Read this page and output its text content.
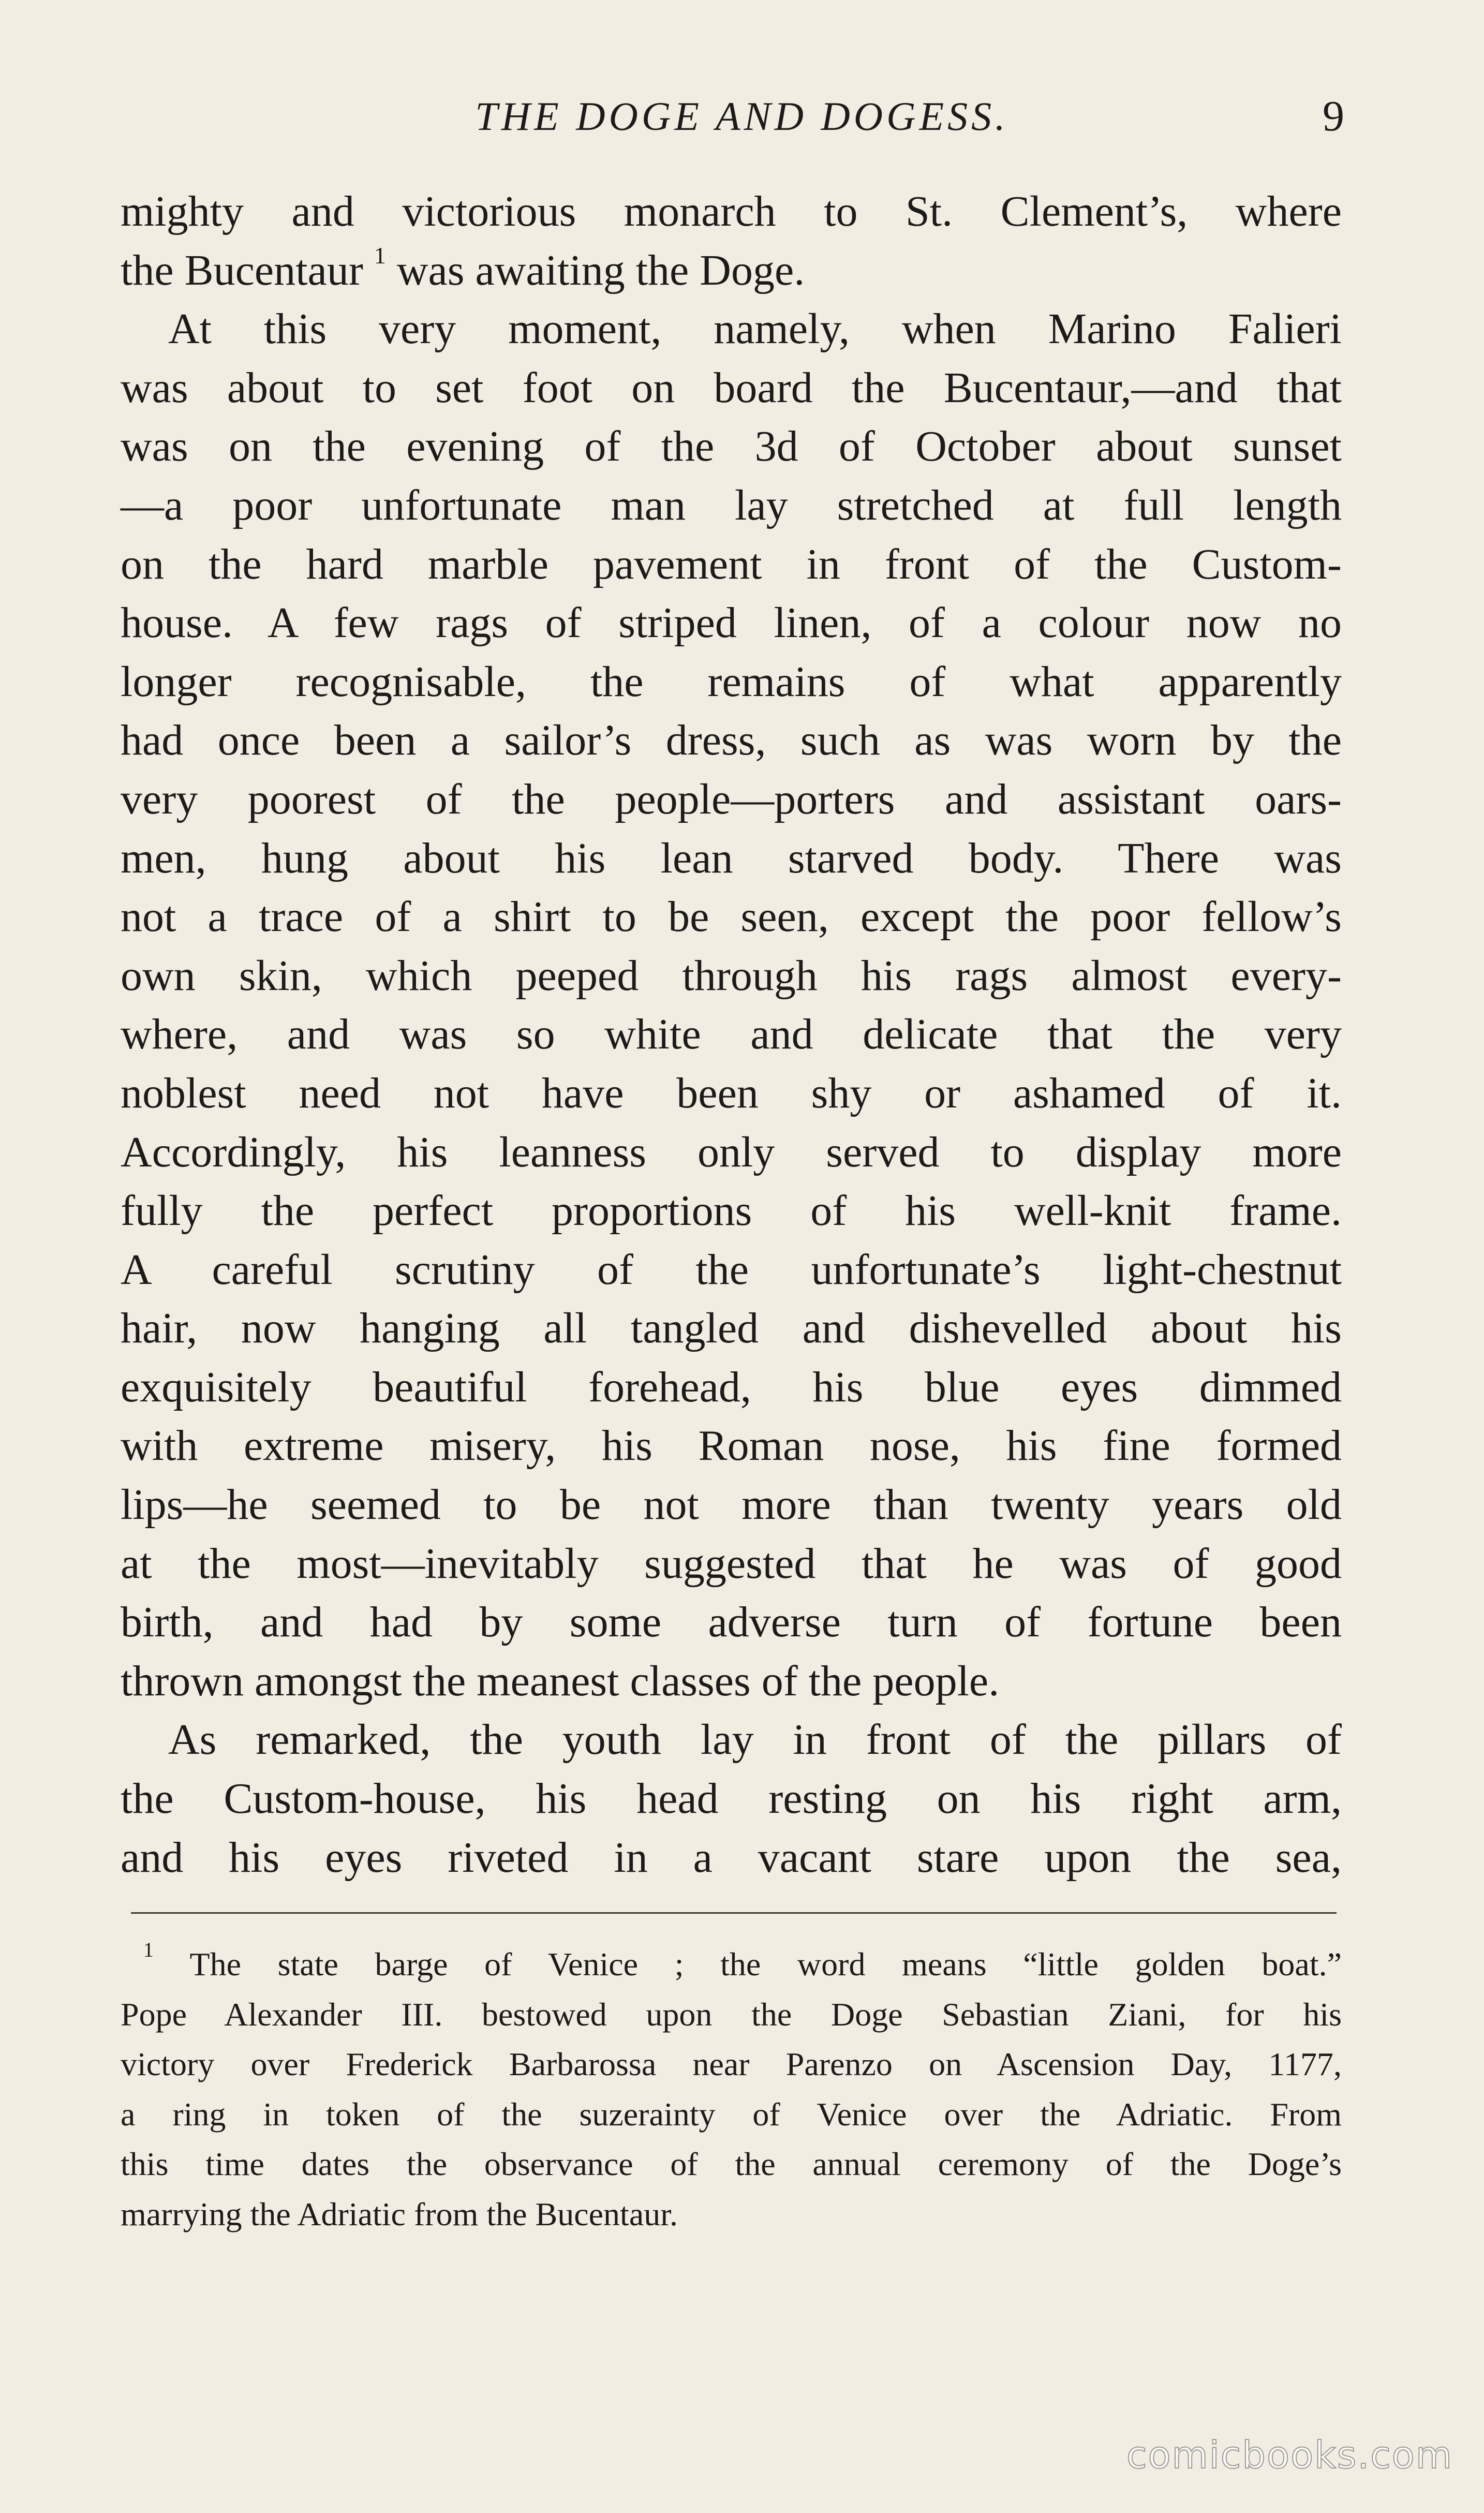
THE DOGE AND DOGESS.	9
mighty and victorious monarch to St. Clement’s, where
the Bucentaur $^1$ was awaiting the Doge.
At this very moment, namely, when Marino Falieri
was about to set foot on board the Bucentaur,—and that
was on the evening of the 3d of October about sunset
—a poor unfortunate man lay stretched at full length
on the hard marble pavement in front of the Custom-
house. A few rags of striped linen, of a colour now no
longer recognisable, the remains of what apparently
had once been a sailor’s dress, such as was worn by the
very poorest of the people—porters and assistant oars-
men, hung about his lean starved body. There was
not a trace of a shirt to be seen, except the poor fellow’s
own skin, which peeped through his rags almost every-
where, and was so white and delicate that the very
noblest need not have been shy or ashamed of it.
Accordingly, his leanness only served to display more
fully the perfect proportions of his well-knit frame.
A careful scrutiny of the unfortunate’s light-chestnut
hair, now hanging all tangled and dishevelled about his
exquisitely beautiful forehead, his blue eyes dimmed
with extreme misery, his Roman nose, his fine formed
lips—he seemed to be not more than twenty years old
at the most—inevitably suggested that he was of good
birth, and had by some adverse turn of fortune been
thrown amongst the meanest classes of the people.
As remarked, the youth lay in front of the pillars of
the Custom-house, his head resting on his right arm,
and his eyes riveted in a vacant stare upon the sea,
$^1$ The state barge of Venice ; the word means “little golden boat.”
Pope Alexander III. bestowed upon the Doge Sebastian Ziani, for his
victory over Frederick Barbarossa near Parenzo on Ascension Day, 1177,
a ring in token of the suzerainty of Venice over the Adriatic. From
this time dates the observance of the annual ceremony of the Doge’s
marrying the Adriatic from the Bucentaur.
comicbooks.com
